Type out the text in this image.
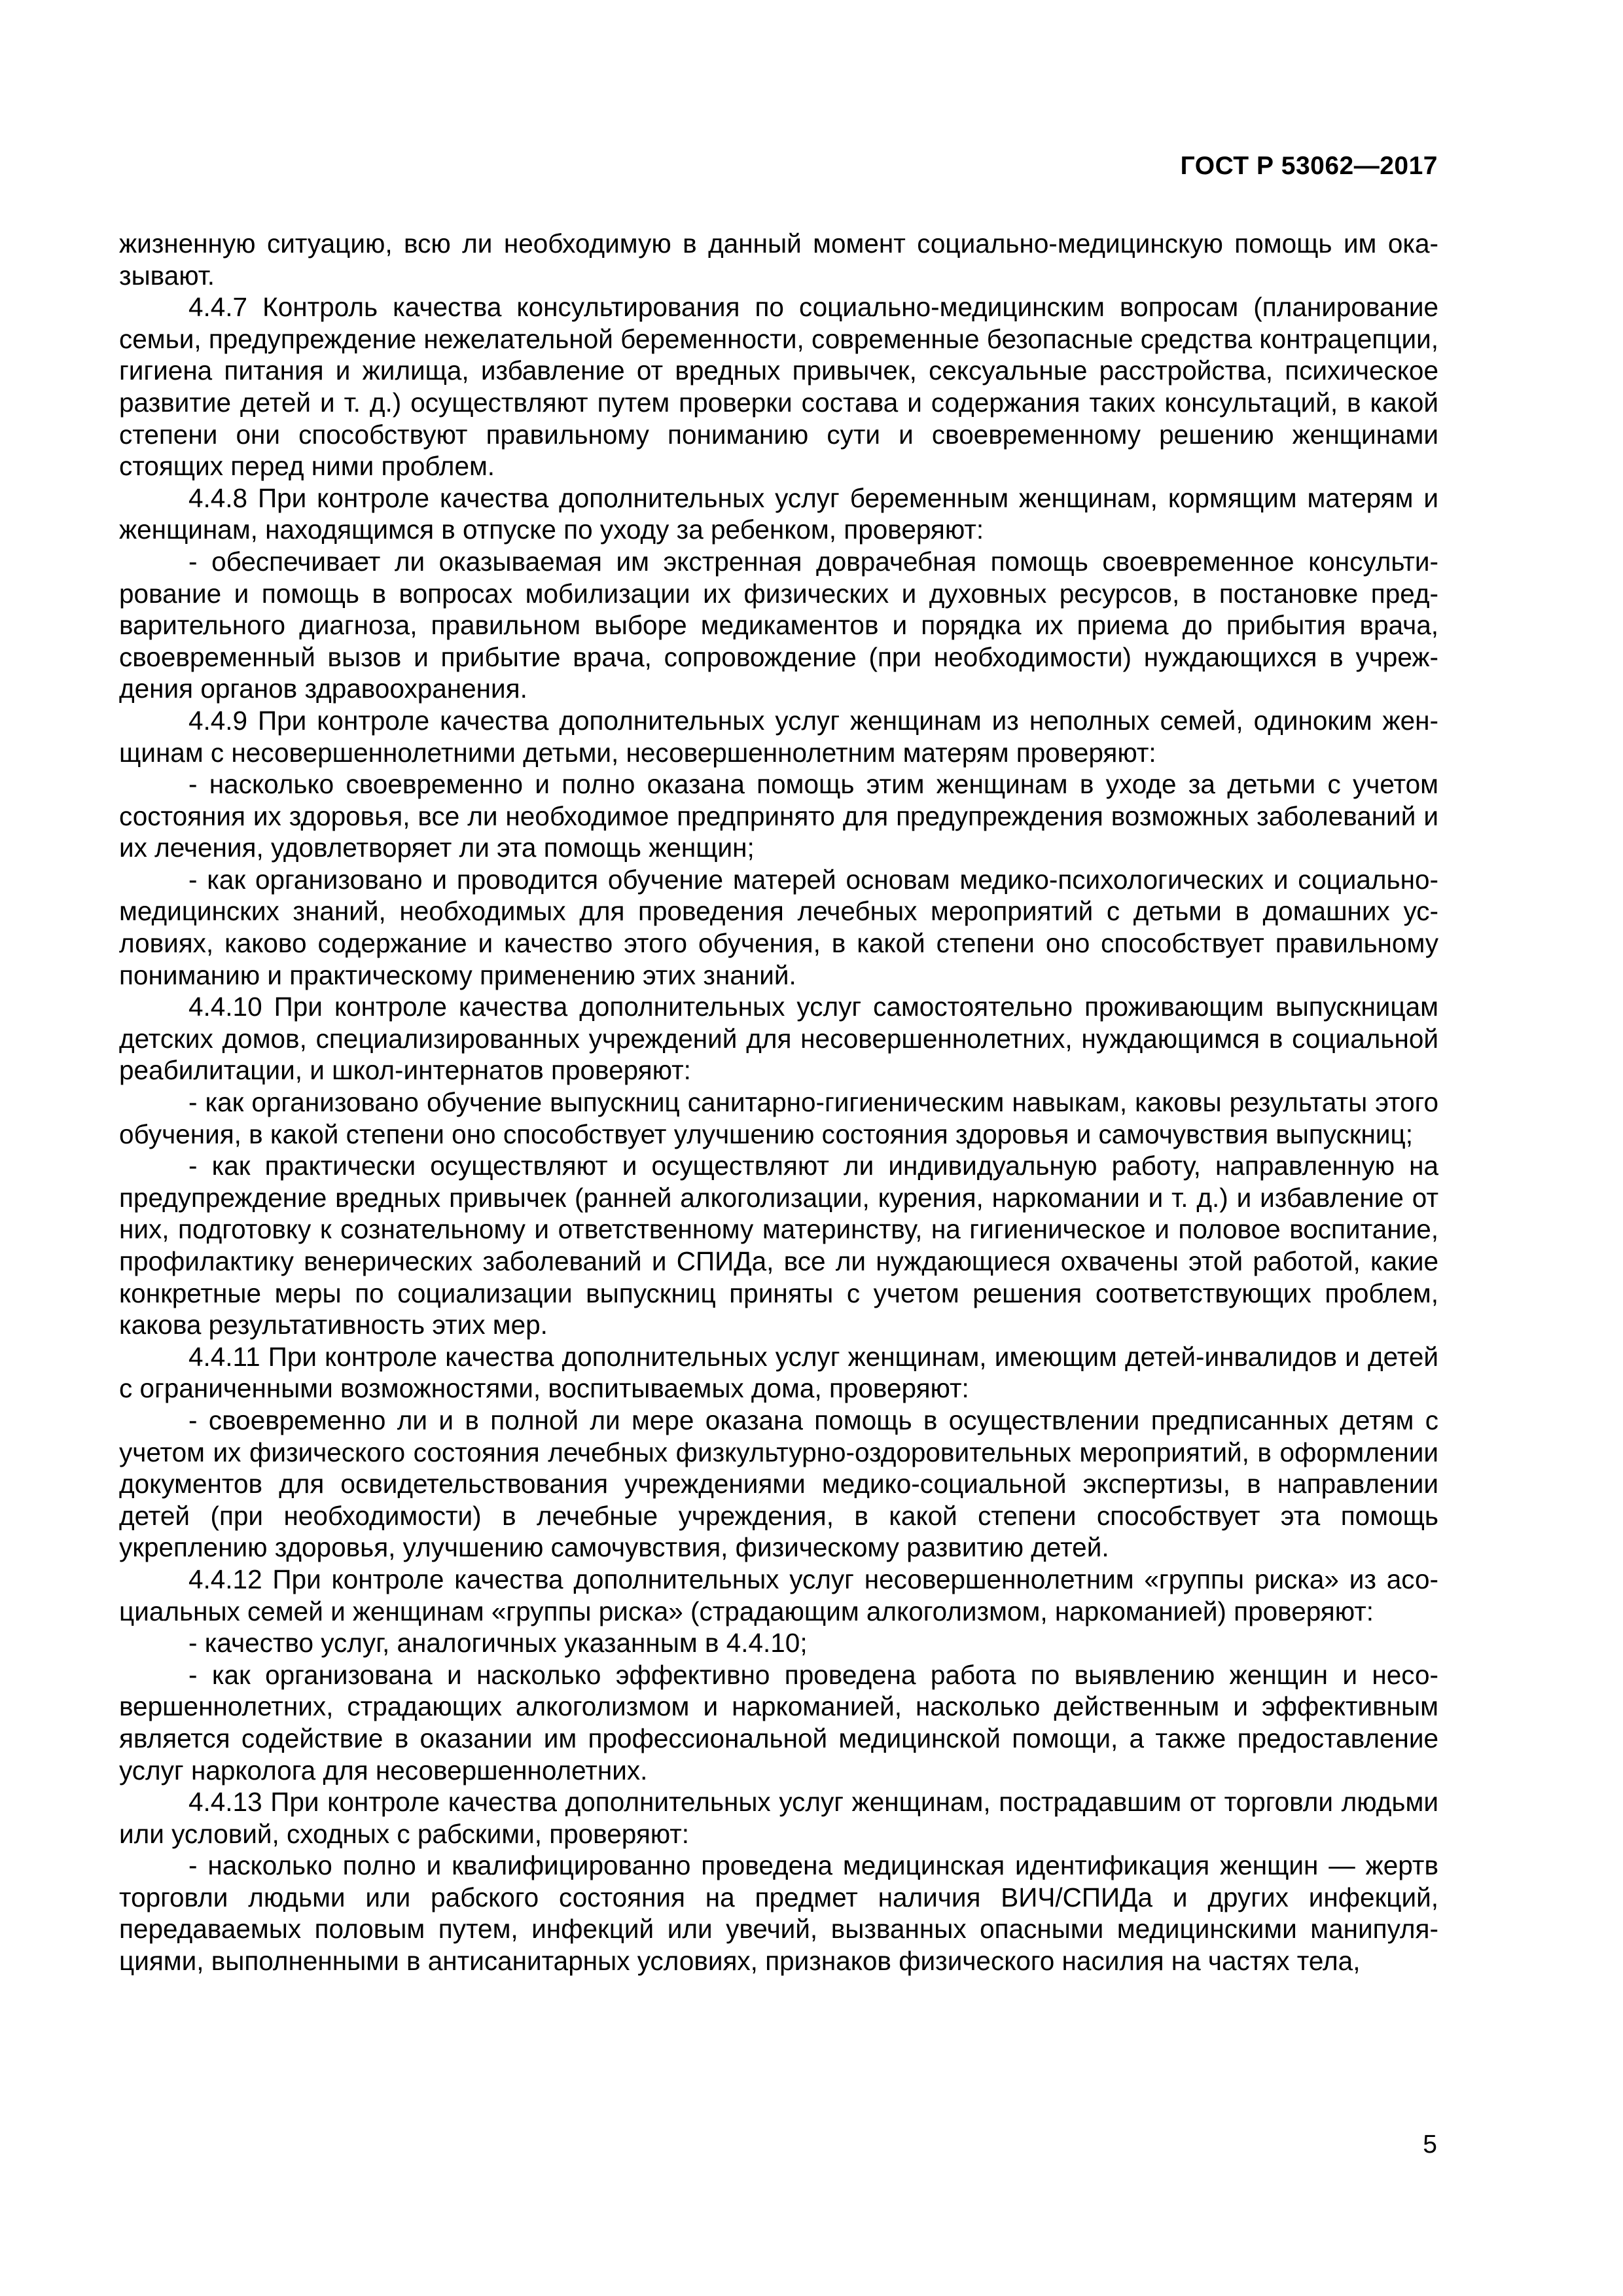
ГОСТ Р 53062—2017

жизненную ситуацию, всю ли необходимую в данный момент социально-медицинскую помощь им оказывают.

4.4.7 Контроль качества консультирования по социально-медицинским вопросам (планирование семьи, предупреждение нежелательной беременности, современные безопасные средства контрацепции, гигиена питания и жилища, избавление от вредных привычек, сексуальные расстройства, психическое развитие детей и т. д.) осуществляют путем проверки состава и содержания таких консультаций, в какой степени они способствуют правильному пониманию сути и своевременному решению женщинами стоящих перед ними проблем.

4.4.8 При контроле качества дополнительных услуг беременным женщинам, кормящим матерям и женщинам, находящимся в отпуске по уходу за ребенком, проверяют:

- обеспечивает ли оказываемая им экстренная доврачебная помощь своевременное консультирование и помощь в вопросах мобилизации их физических и духовных ресурсов, в постановке предварительного диагноза, правильном выборе медикаментов и порядка их приема до прибытия врача, своевременный вызов и прибытие врача, сопровождение (при необходимости) нуждающихся в учреждения органов здравоохранения.

4.4.9 При контроле качества дополнительных услуг женщинам из неполных семей, одиноким женщинам с несовершеннолетними детьми, несовершеннолетним матерям проверяют:

- насколько своевременно и полно оказана помощь этим женщинам в уходе за детьми с учетом состояния их здоровья, все ли необходимое предпринято для предупреждения возможных заболеваний и их лечения, удовлетворяет ли эта помощь женщин;

- как организовано и проводится обучение матерей основам медико-психологических и социально-медицинских знаний, необходимых для проведения лечебных мероприятий с детьми в домашних условиях, каково содержание и качество этого обучения, в какой степени оно способствует правильному пониманию и практическому применению этих знаний.

4.4.10 При контроле качества дополнительных услуг самостоятельно проживающим выпускницам детских домов, специализированных учреждений для несовершеннолетних, нуждающимся в социальной реабилитации, и школ-интернатов проверяют:

- как организовано обучение выпускниц санитарно-гигиеническим навыкам, каковы результаты этого обучения, в какой степени оно способствует улучшению состояния здоровья и самочувствия выпускниц;

- как практически осуществляют и осуществляют ли индивидуальную работу, направленную на предупреждение вредных привычек (ранней алкоголизации, курения, наркомании и т. д.) и избавление от них, подготовку к сознательному и ответственному материнству, на гигиеническое и половое воспитание, профилактику венерических заболеваний и СПИДа, все ли нуждающиеся охвачены этой работой, какие конкретные меры по социализации выпускниц приняты с учетом решения соответствующих проблем, какова результативность этих мер.

4.4.11 При контроле качества дополнительных услуг женщинам, имеющим детей-инвалидов и детей с ограниченными возможностями, воспитываемых дома, проверяют:

- своевременно ли и в полной ли мере оказана помощь в осуществлении предписанных детям с учетом их физического состояния лечебных физкультурно-оздоровительных мероприятий, в оформлении документов для освидетельствования учреждениями медико-социальной экспертизы, в направлении детей (при необходимости) в лечебные учреждения, в какой степени способствует эта помощь укреплению здоровья, улучшению самочувствия, физическому развитию детей.

4.4.12 При контроле качества дополнительных услуг несовершеннолетним «группы риска» из асоциальных семей и женщинам «группы риска» (страдающим алкоголизмом, наркоманией) проверяют:

- качество услуг, аналогичных указанным в 4.4.10;

- как организована и насколько эффективно проведена работа по выявлению женщин и несовершеннолетних, страдающих алкоголизмом и наркоманией, насколько действенным и эффективным является содействие в оказании им профессиональной медицинской помощи, а также предоставление услуг нарколога для несовершеннолетних.

4.4.13 При контроле качества дополнительных услуг женщинам, пострадавшим от торговли людьми или условий, сходных с рабскими, проверяют:

- насколько полно и квалифицированно проведена медицинская идентификация женщин — жертв торговли людьми или рабского состояния на предмет наличия ВИЧ/СПИДа и других инфекций, передаваемых половым путем, инфекций или увечий, вызванных опасными медицинскими манипуляциями, выполненными в антисанитарных условиях, признаков физического насилия на частях тела,

5
